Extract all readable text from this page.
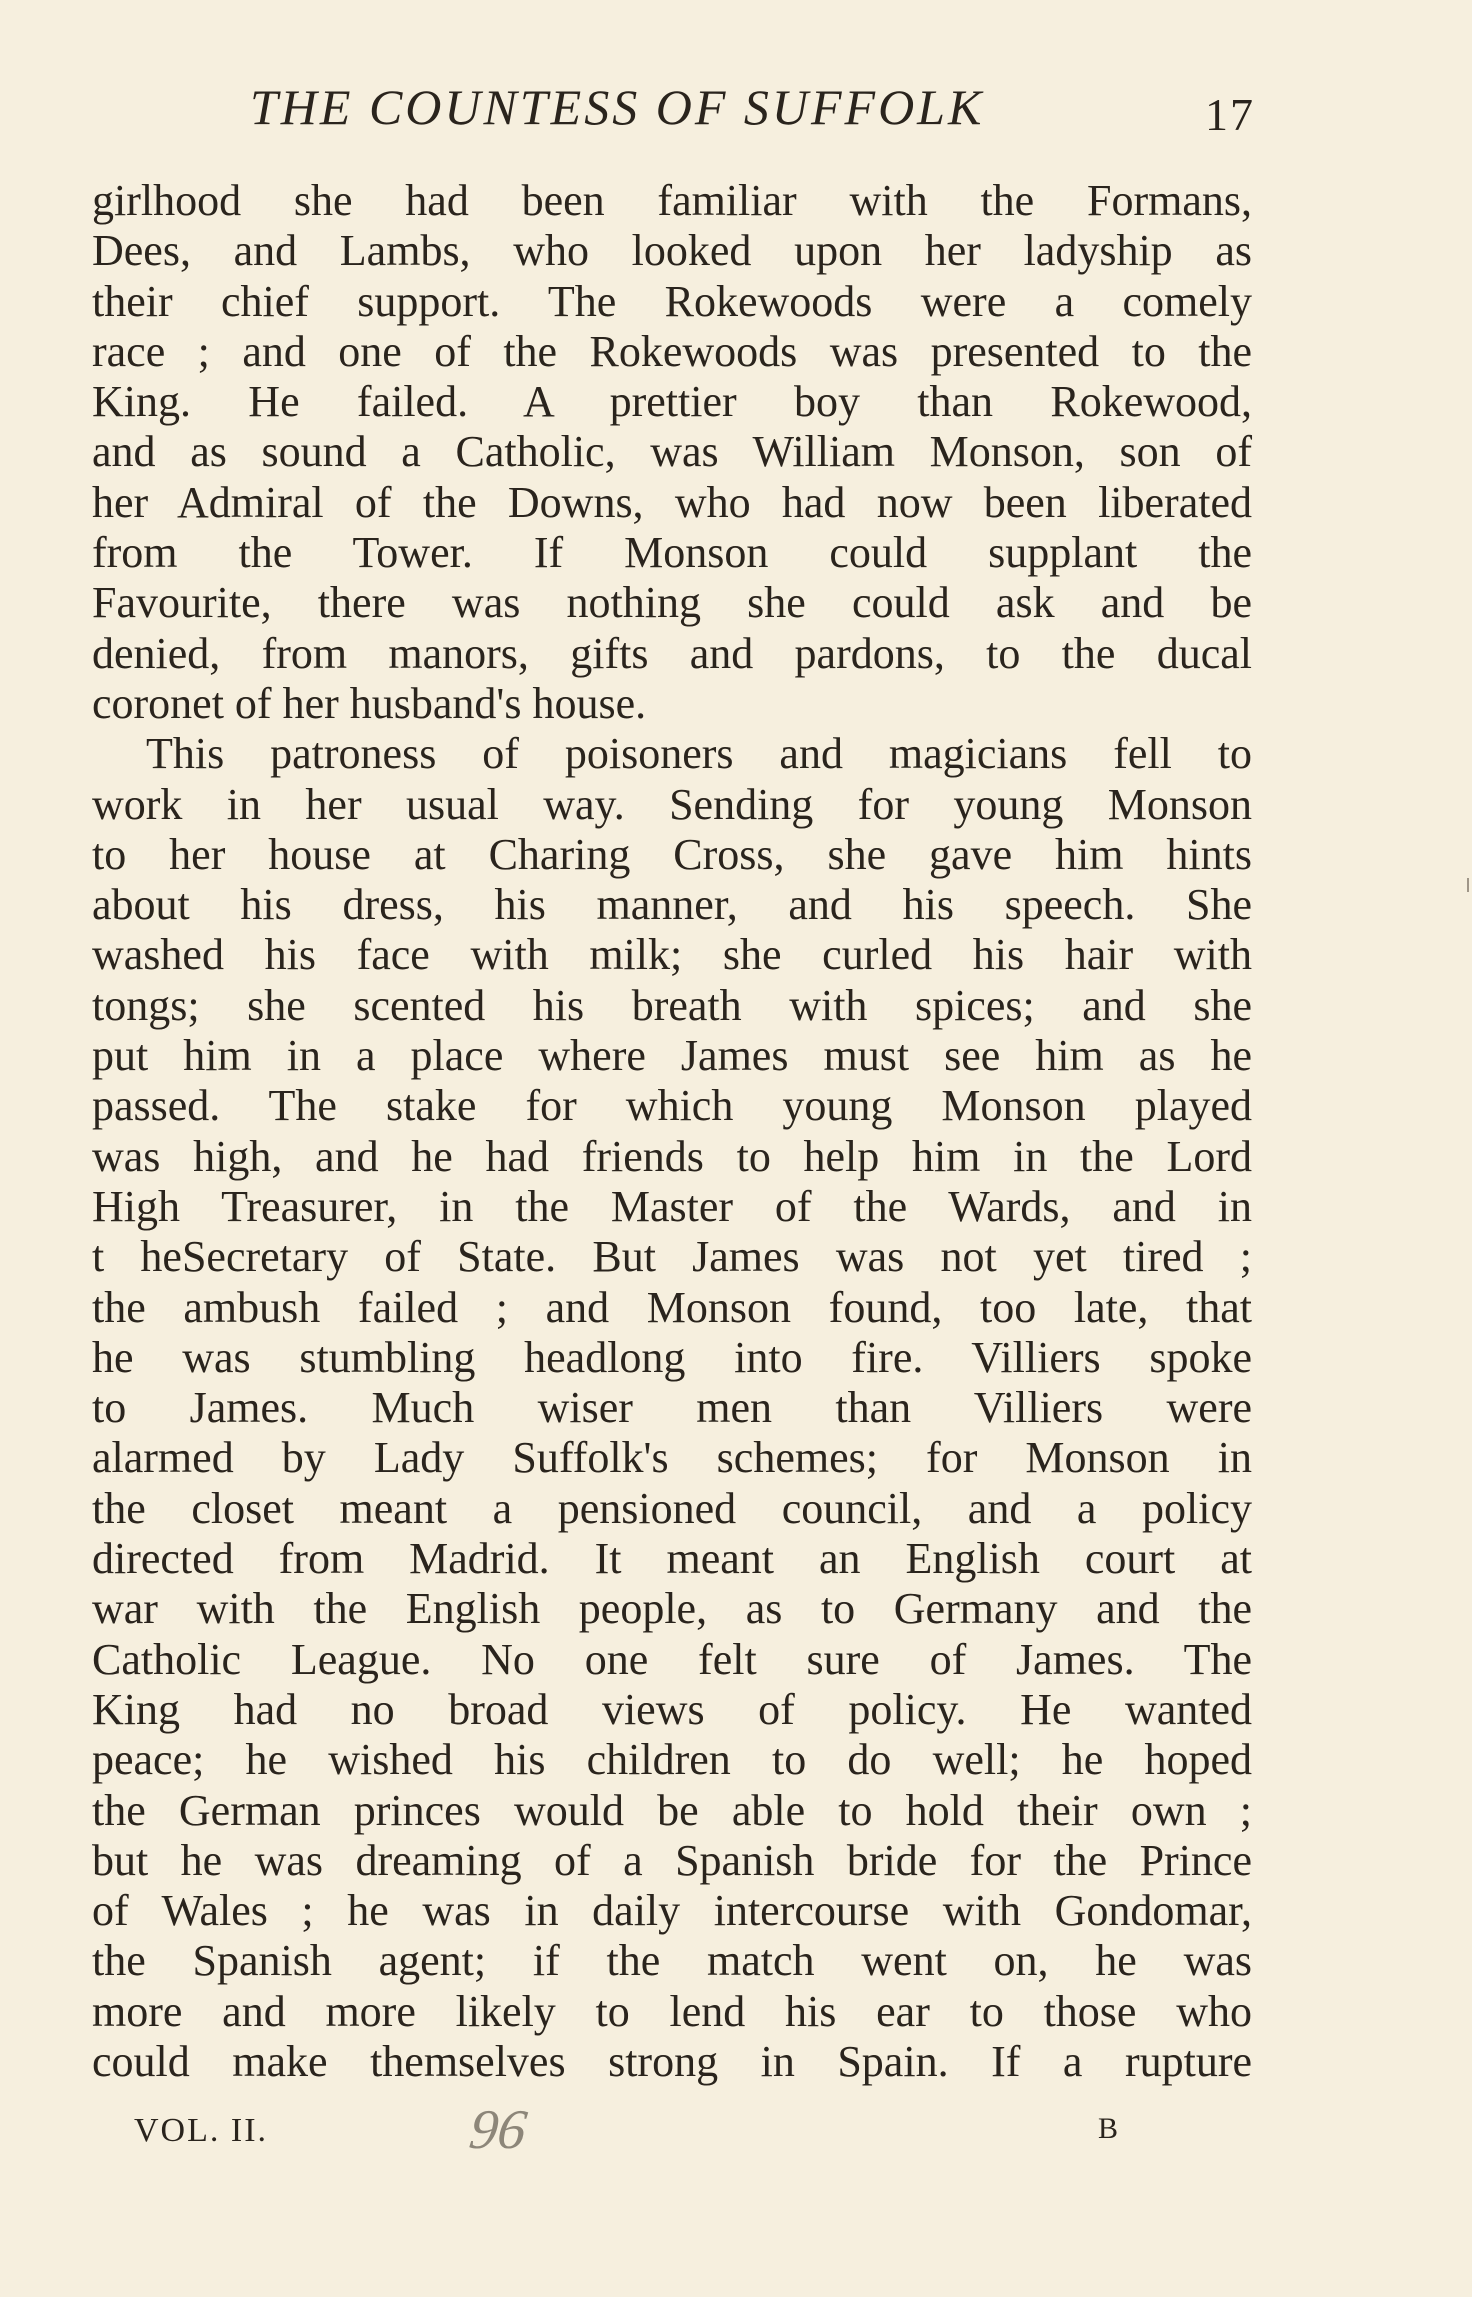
THE COUNTESS OF SUFFOLK	17
girlhood she had been familiar with the Formans,
Dees, and Lambs, who looked upon her ladyship as
their chief support. The Rokewoods were a comely
race ; and one of the Rokewoods was presented to the
King. He failed. A prettier boy than Rokewood,
and as sound a Catholic, was William Monson, son of
her Admiral of the Downs, who had now been liberated
from the Tower. If Monson could supplant the
Favourite, there was nothing she could ask and be
denied, from manors, gifts and pardons, to the ducal
coronet of her husband's house.
This patroness of poisoners and magicians fell to
work in her usual way. Sending for young Monson
to her house at Charing Cross, she gave him hints
about his dress, his manner, and his speech. She
washed his face with milk; she curled his hair with
tongs; she scented his breath with spices; and she
put him in a place where James must see him as he
passed. The stake for which young Monson played
was high, and he had friends to help him in the Lord
High Treasurer, in the Master of the Wards, and in
t heSecretary of State. But James was not yet tired ;
the ambush failed ; and Monson found, too late, that
he was stumbling headlong into fire. Villiers spoke
to James. Much wiser men than Villiers were
alarmed by Lady Suffolk's schemes; for Monson in
the closet meant a pensioned council, and a policy
directed from Madrid. It meant an English court at
war with the English people, as to Germany and the
Catholic League. No one felt sure of James. The
King had no broad views of policy. He wanted
peace; he wished his children to do well; he hoped
the German princes would be able to hold their own ;
but he was dreaming of a Spanish bride for the Prince
of Wales ; he was in daily intercourse with Gondomar,
the Spanish agent; if the match went on, he was
more and more likely to lend his ear to those who
could make themselves strong in Spain. If a rupture
VOL. II.	96	B
